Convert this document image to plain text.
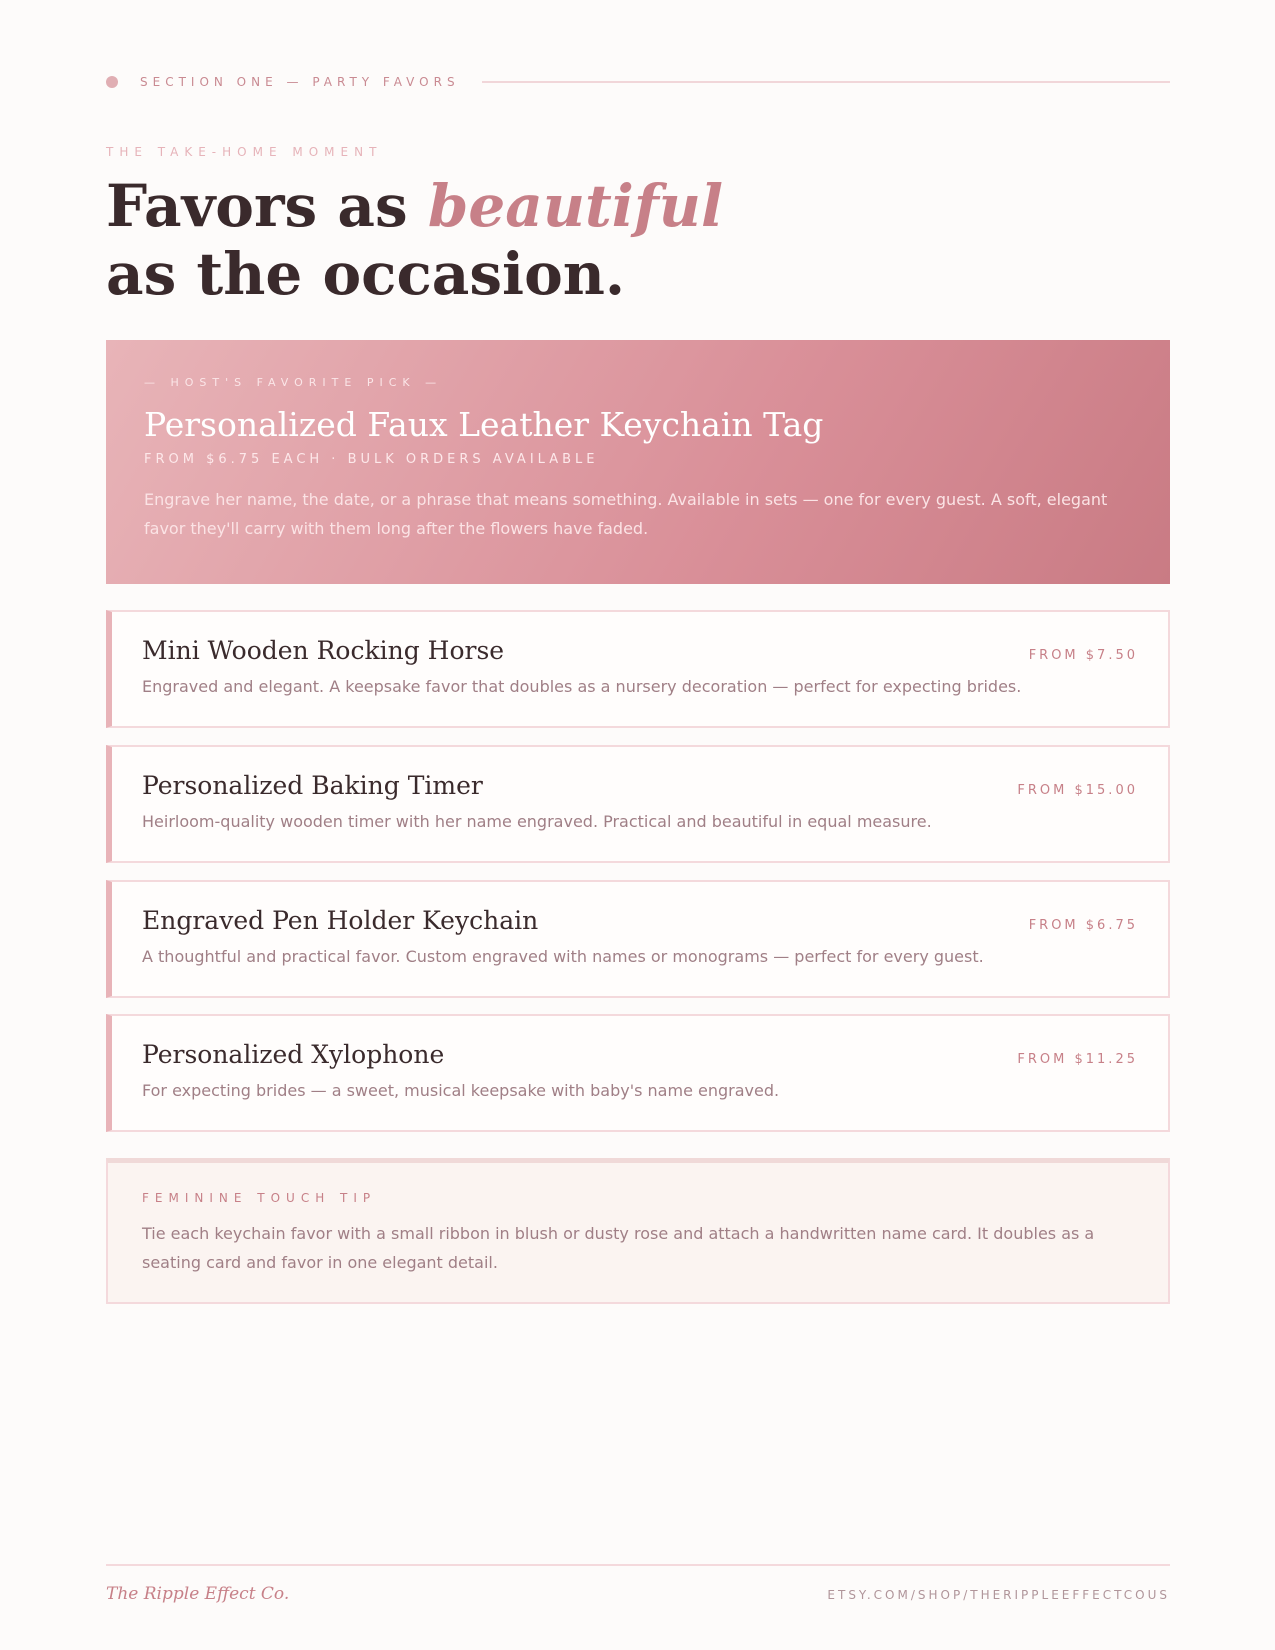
SECTION ONE — PARTY FAVORS
THE TAKE-HOME MOMENT
Favors as beautiful
as the occasion.
— HOST'S FAVORITE PICK —
Personalized Faux Leather Keychain Tag
FROM $6.75 EACH · BULK ORDERS AVAILABLE
Engrave her name, the date, or a phrase that means something. Available in sets — one for every guest. A soft, elegant favor they'll carry with them long after the flowers have faded.
Mini Wooden Rocking Horse	FROM $7.50
Engraved and elegant. A keepsake favor that doubles as a nursery decoration — perfect for expecting brides.
Personalized Baking Timer	FROM $15.00
Heirloom-quality wooden timer with her name engraved. Practical and beautiful in equal measure.
Engraved Pen Holder Keychain	FROM $6.75
A thoughtful and practical favor. Custom engraved with names or monograms — perfect for every guest.
Personalized Xylophone	FROM $11.25
For expecting brides — a sweet, musical keepsake with baby's name engraved.
FEMININE TOUCH TIP
Tie each keychain favor with a small ribbon in blush or dusty rose and attach a handwritten name card. It doubles as a seating card and favor in one elegant detail.
The Ripple Effect Co.	ETSY.COM/SHOP/THERIPPLEEFFECTCOUS
